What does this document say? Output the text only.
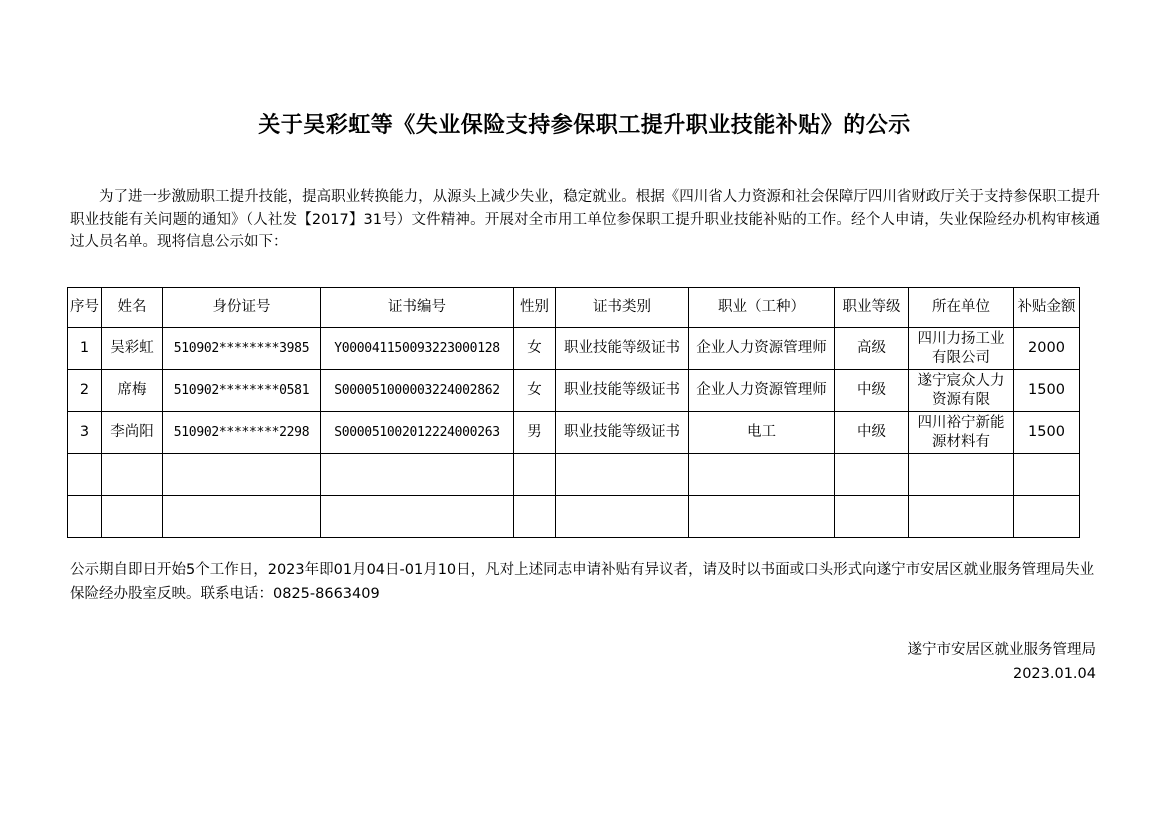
关于吴彩虹等《失业保险支持参保职工提升职业技能补贴》的公示

为了进一步激励职工提升技能，提高职业转换能力，从源头上减少失业，稳定就业。根据《四川省人力资源和社会保障厅四川省财政厅关于支持参保职工提升职业技能有关问题的通知》（人社发【2017】31号）文件精神。开展对全市用工单位参保职工提升职业技能补贴的工作。经个人申请，失业保险经办机构审核通过人员名单。现将信息公示如下：

序号	姓名	身份证号	证书编号	性别	证书类别	职业（工种）	职业等级	所在单位	补贴金额
1	吴彩虹	510902********3985	Y000041150093223000128	女	职业技能等级证书	企业人力资源管理师	高级	四川力扬工业有限公司	2000
2	席梅	510902********0581	S000051000003224002862	女	职业技能等级证书	企业人力资源管理师	中级	遂宁宸众人力资源有限	1500
3	李尚阳	510902********2298	S000051002012224000263	男	职业技能等级证书	电工	中级	四川裕宁新能源材料有	1500

公示期自即日开始5个工作日，2023年即01月04日-01月10日，凡对上述同志申请补贴有异议者，请及时以书面或口头形式向遂宁市安居区就业服务管理局失业保险经办股室反映。联系电话：0825-8663409

遂宁市安居区就业服务管理局
2023.01.04
